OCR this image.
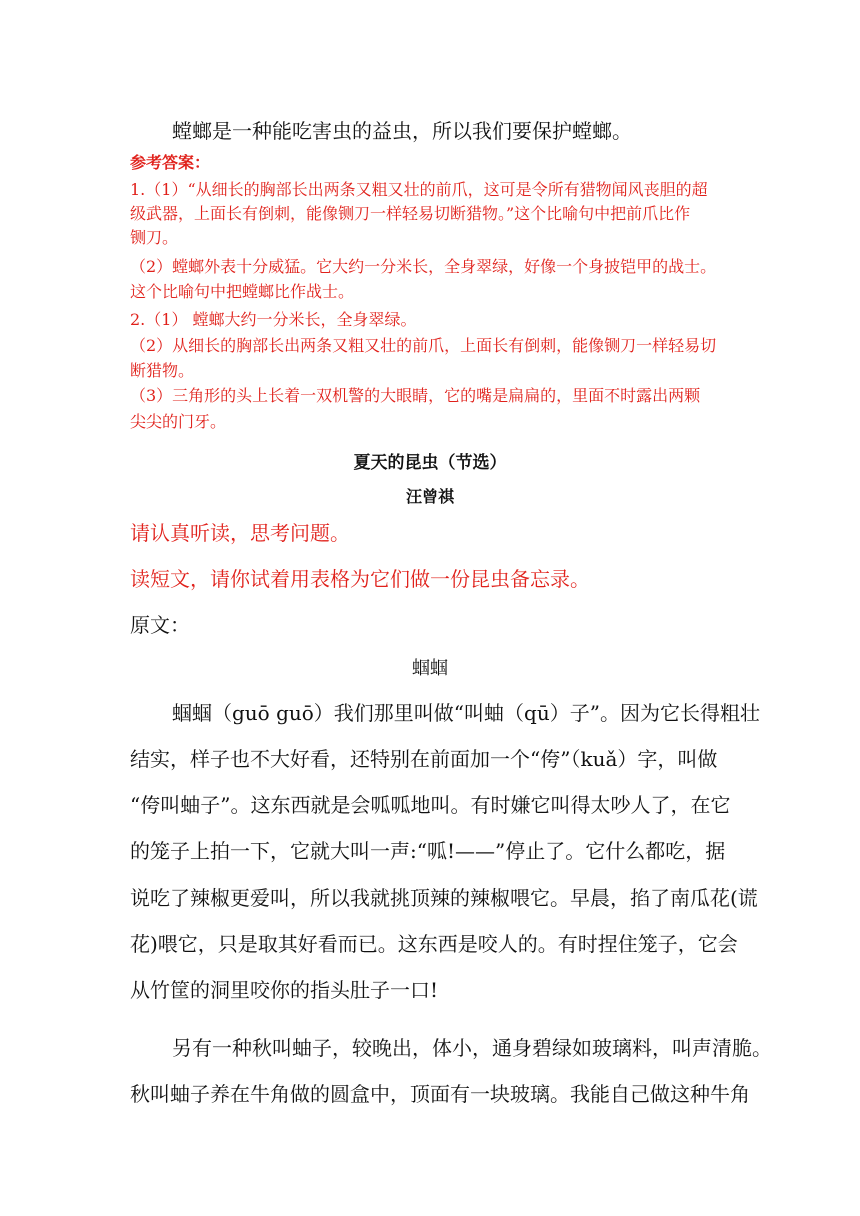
螳螂是一种能吃害虫的益虫，所以我们要保护螳螂。
参考答案：
1.（1）“从细长的胸部长出两条又粗又壮的前爪，这可是令所有猎物闻风丧胆的超
级武器，上面长有倒刺，能像铡刀一样轻易切断猎物。”这个比喻句中把前爪比作
铡刀。
（2）螳螂外表十分威猛。它大约一分米长，全身翠绿，好像一个身披铠甲的战士。
这个比喻句中把螳螂比作战士。
2.（1） 螳螂大约一分米长，全身翠绿。
（2）从细长的胸部长出两条又粗又壮的前爪，上面长有倒刺，能像铡刀一样轻易切
断猎物。
（3）三角形的头上长着一双机警的大眼睛，它的嘴是扁扁的，里面不时露出两颗
尖尖的门牙。
夏天的昆虫（节选）
汪曾祺
请认真听读，思考问题。
读短文，请你试着用表格为它们做一份昆虫备忘录。
原文：
蝈蝈
蝈蝈（guō guō）我们那里叫做“叫蚰（qū）子”。因为它长得粗壮
结实，样子也不大好看，还特别在前面加一个“侉”（kuǎ）字，叫做
“侉叫蚰子”。这东西就是会呱呱地叫。有时嫌它叫得太吵人了，在它
的笼子上拍一下，它就大叫一声:“呱!——”停止了。它什么都吃，据
说吃了辣椒更爱叫，所以我就挑顶辣的辣椒喂它。早晨，掐了南瓜花(谎
花)喂它，只是取其好看而已。这东西是咬人的。有时捏住笼子，它会
从竹筐的洞里咬你的指头肚子一口!
另有一种秋叫蚰子，较晚出，体小，通身碧绿如玻璃料，叫声清脆。
秋叫蚰子养在牛角做的圆盒中，顶面有一块玻璃。我能自己做这种牛角
